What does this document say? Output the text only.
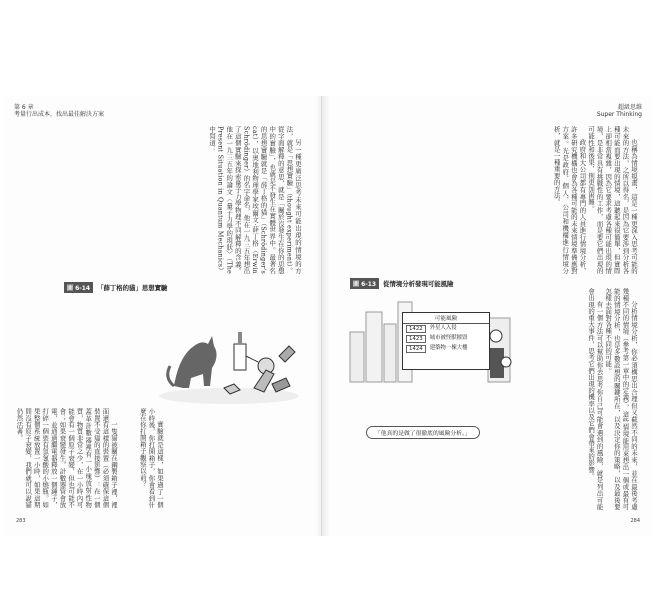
第 6 章
考量行出成本，找出最佳解決方案

另一種更廣泛思考未來可能出現的情境的方法，就是「思想實驗」（thought experiment）。從字面解釋的意思，就是「關於沒發生在你的思想中的實驗」，也就是不發生在實體世界中。最著名的思想實驗就是「薛丁格的貓」（Schrödinger's cat），以奧地利物理學家埃爾文‧薛丁格（Erwin Schrödinger）的名字命名，他在一九三五年想出了這個實驗來探索量子力學物理不同解釋的含義。他在一九三五年的論文〈量子力學的現狀〉（The Present Situation in Quantum Mechanics）中寫道：

圖 6-14	「薛丁格的貓」思想實驗

一隻貓被關在鋼製箱子裡，裡面還有這樣的裝置（必須確保這個裝置不受貓的直接影響）：在一個蓋革計數器裡有一小塊放射性物質，物質非常之少，在一小時內可能會有一個原子衰變，但也可能不會；如果衰變發生，計數器管會放電，並通過繼電器釋放一個錘子，打碎一個裝有氫氰酸的小燒瓶。如果整個系統放置一小時，如果這期間沒有原子衰變，我們就可以說貓仍然活著。	實驗就是這樣，如果過了一個小時後，你打開箱子，你會看到什麼在你打開箱子觀察以前？

283
超級思維
Super Thinking

也稱為情境規畫，這是一種更深入思考可能的未來的方法，之所以得名，是因為它要涉到分析各種可能而要出現的情境，這聽起來很簡單，但實際上卻相當複雜，因為它要求考慮各種可能出現的情境，是非常具有挑戰性的工作，而是要它們出現的可能性和後果，則更加困難。

政府和大公司都有專門的人員進行情境分析，許多研究機構也會為各種可能的未來情境準備應對方案。光是政府、個人、公司和機構進行情境分析，就是一種重要的方法。

圖 6-13	從情境分析發現可能風險
可能風險
1422	外星人入侵
1423	城市被怪獸摧毀
1424	建築物一棟大樓
「他真的是做了很徹底的風險分析。」	分析情境分析，你必須構思出合理但又截然不同的未來，並在最後考慮幾種不同的情境（參考第一章中的定義），這些情境能用來想出一個或最有可能的情境分析，也是多數設想的關鍵所在，以及決定你的策略，以及最後要怎樣去面對各種不同的可能。

有一個方法可以幫助你去思考你自己可能會遇到的風險，就是列出可能會出現的重大事件，思考它們出現的機率以及它們會帶來的影響。

284
